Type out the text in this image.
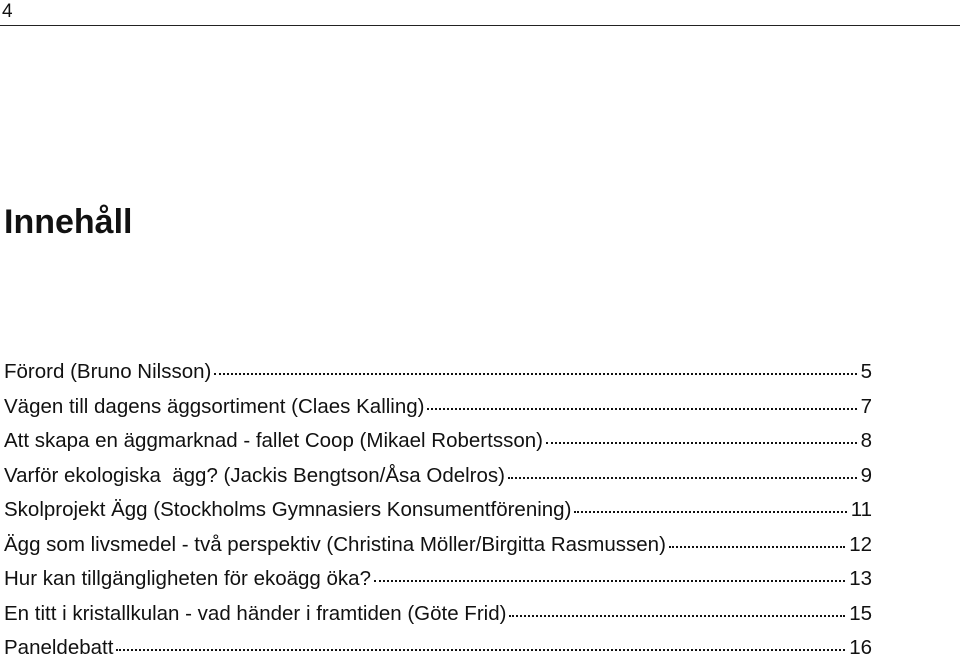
4
Innehåll
Förord (Bruno Nilsson)	5
Vägen till dagens äggsortiment (Claes Kalling)	7
Att skapa en äggmarknad - fallet Coop (Mikael Robertsson)	8
Varför ekologiska  ägg? (Jackis Bengtson/Åsa Odelros)	9
Skolprojekt Ägg (Stockholms Gymnasiers Konsumentförening)	11
Ägg som livsmedel - två perspektiv (Christina Möller/Birgitta Rasmussen)	12
Hur kan tillgängligheten för ekoägg öka?	13
En titt i kristallkulan - vad händer i framtiden (Göte Frid)	15
Paneldebatt	16
